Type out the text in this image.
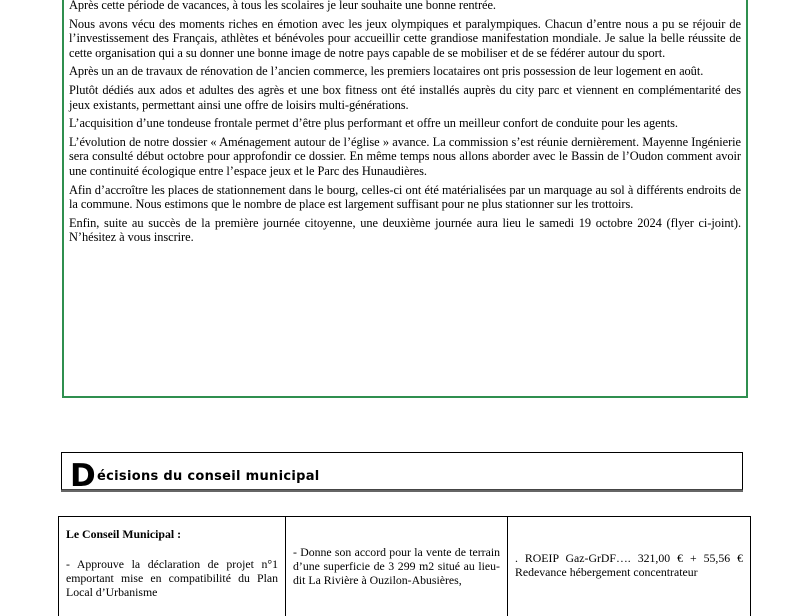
Après cette période de vacances, à tous les scolaires je leur souhaite une bonne rentrée.

Nous avons vécu des moments riches en émotion avec les jeux olympiques et paralympiques. Chacun d’entre nous a pu se réjouir de l’investissement des Français, athlètes et bénévoles pour accueillir cette grandiose manifestation mondiale. Je salue la belle réussite de cette organisation qui a su donner une bonne image de notre pays capable de se mobiliser et de se fédérer autour du sport.

Après un an de travaux de rénovation de l’ancien commerce, les premiers locataires ont pris possession de leur logement en août.

Plutôt dédiés aux ados et adultes des agrès et une box fitness ont été installés auprès du city parc et viennent en complémentarité des jeux existants, permettant ainsi une offre de loisirs multi-générations.

L’acquisition d’une tondeuse frontale permet d’être plus performant et offre un meilleur confort de conduite pour les agents.

L’évolution de notre dossier « Aménagement autour de l’église » avance. La commission s’est réunie dernièrement. Mayenne Ingénierie sera consulté début octobre pour approfondir ce dossier. En même temps nous allons aborder avec le Bassin de l’Oudon comment avoir une continuité écologique entre l’espace jeux et le Parc des Hunaudières.

Afin d’accroître les places de stationnement dans le bourg, celles-ci ont été matérialisées par un marquage au sol à différents endroits de la commune. Nous estimons que le nombre de place est largement suffisant pour ne plus stationner sur les trottoirs.

Enfin, suite au succès de la première journée citoyenne, une deuxième journée aura lieu le samedi 19 octobre 2024 (flyer ci-joint). N’hésitez à vous inscrire.

Décisions du conseil municipal

Le Conseil Municipal :

- Approuve la déclaration de projet n°1 emportant mise en compatibilité du Plan Local d’Urbanisme

- Donne son accord pour la vente de terrain d’une superficie de 3 299 m2 situé au lieu-dit La Rivière à Ouzilon-Abusières,

. ROEIP Gaz-GrDF…. 321,00 € + 55,56 € Redevance hébergement concentrateur
